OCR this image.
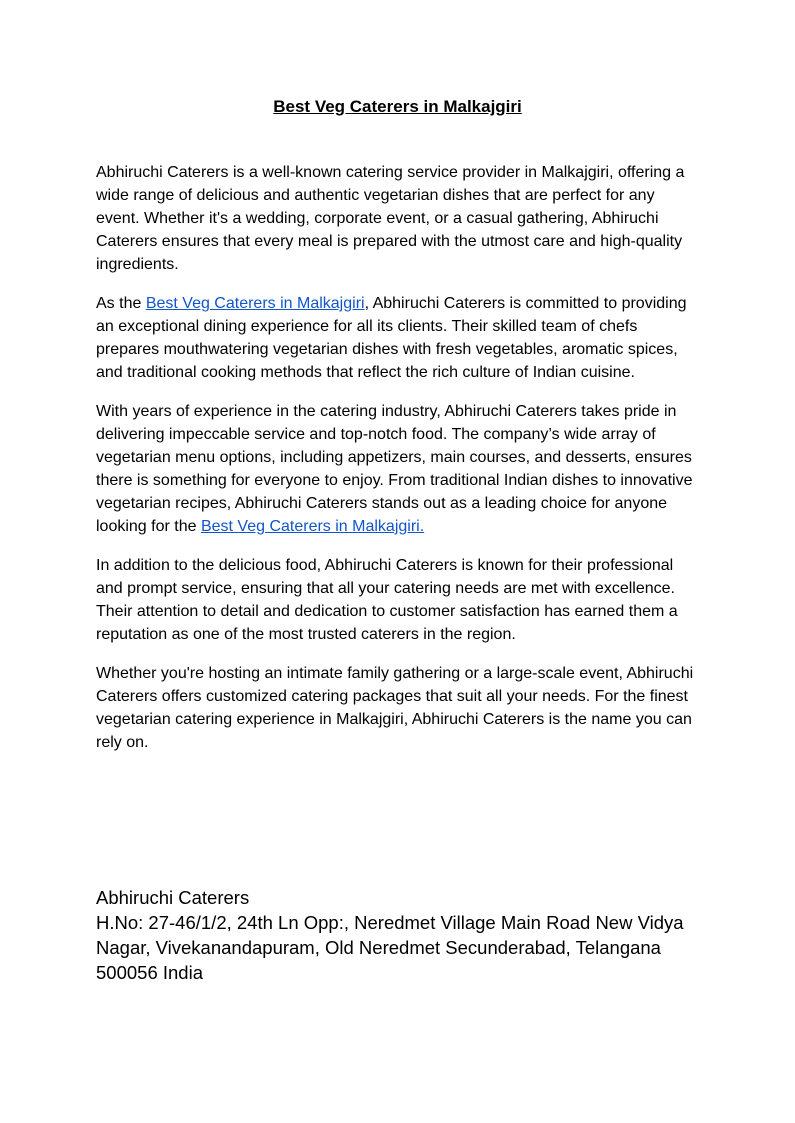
Best Veg Caterers in Malkajgiri

Abhiruchi Caterers is a well-known catering service provider in Malkajgiri, offering a wide range of delicious and authentic vegetarian dishes that are perfect for any event. Whether it's a wedding, corporate event, or a casual gathering, Abhiruchi Caterers ensures that every meal is prepared with the utmost care and high-quality ingredients.

As the Best Veg Caterers in Malkajgiri, Abhiruchi Caterers is committed to providing an exceptional dining experience for all its clients. Their skilled team of chefs prepares mouthwatering vegetarian dishes with fresh vegetables, aromatic spices, and traditional cooking methods that reflect the rich culture of Indian cuisine.

With years of experience in the catering industry, Abhiruchi Caterers takes pride in delivering impeccable service and top-notch food. The company’s wide array of vegetarian menu options, including appetizers, main courses, and desserts, ensures there is something for everyone to enjoy. From traditional Indian dishes to innovative vegetarian recipes, Abhiruchi Caterers stands out as a leading choice for anyone looking for the Best Veg Caterers in Malkajgiri.

In addition to the delicious food, Abhiruchi Caterers is known for their professional and prompt service, ensuring that all your catering needs are met with excellence. Their attention to detail and dedication to customer satisfaction has earned them a reputation as one of the most trusted caterers in the region.

Whether you're hosting an intimate family gathering or a large-scale event, Abhiruchi Caterers offers customized catering packages that suit all your needs. For the finest vegetarian catering experience in Malkajgiri, Abhiruchi Caterers is the name you can rely on.

Abhiruchi Caterers
H.No: 27-46/1/2, 24th Ln Opp:, Neredmet Village Main Road New Vidya Nagar, Vivekanandapuram, Old Neredmet Secunderabad, Telangana 500056 India
